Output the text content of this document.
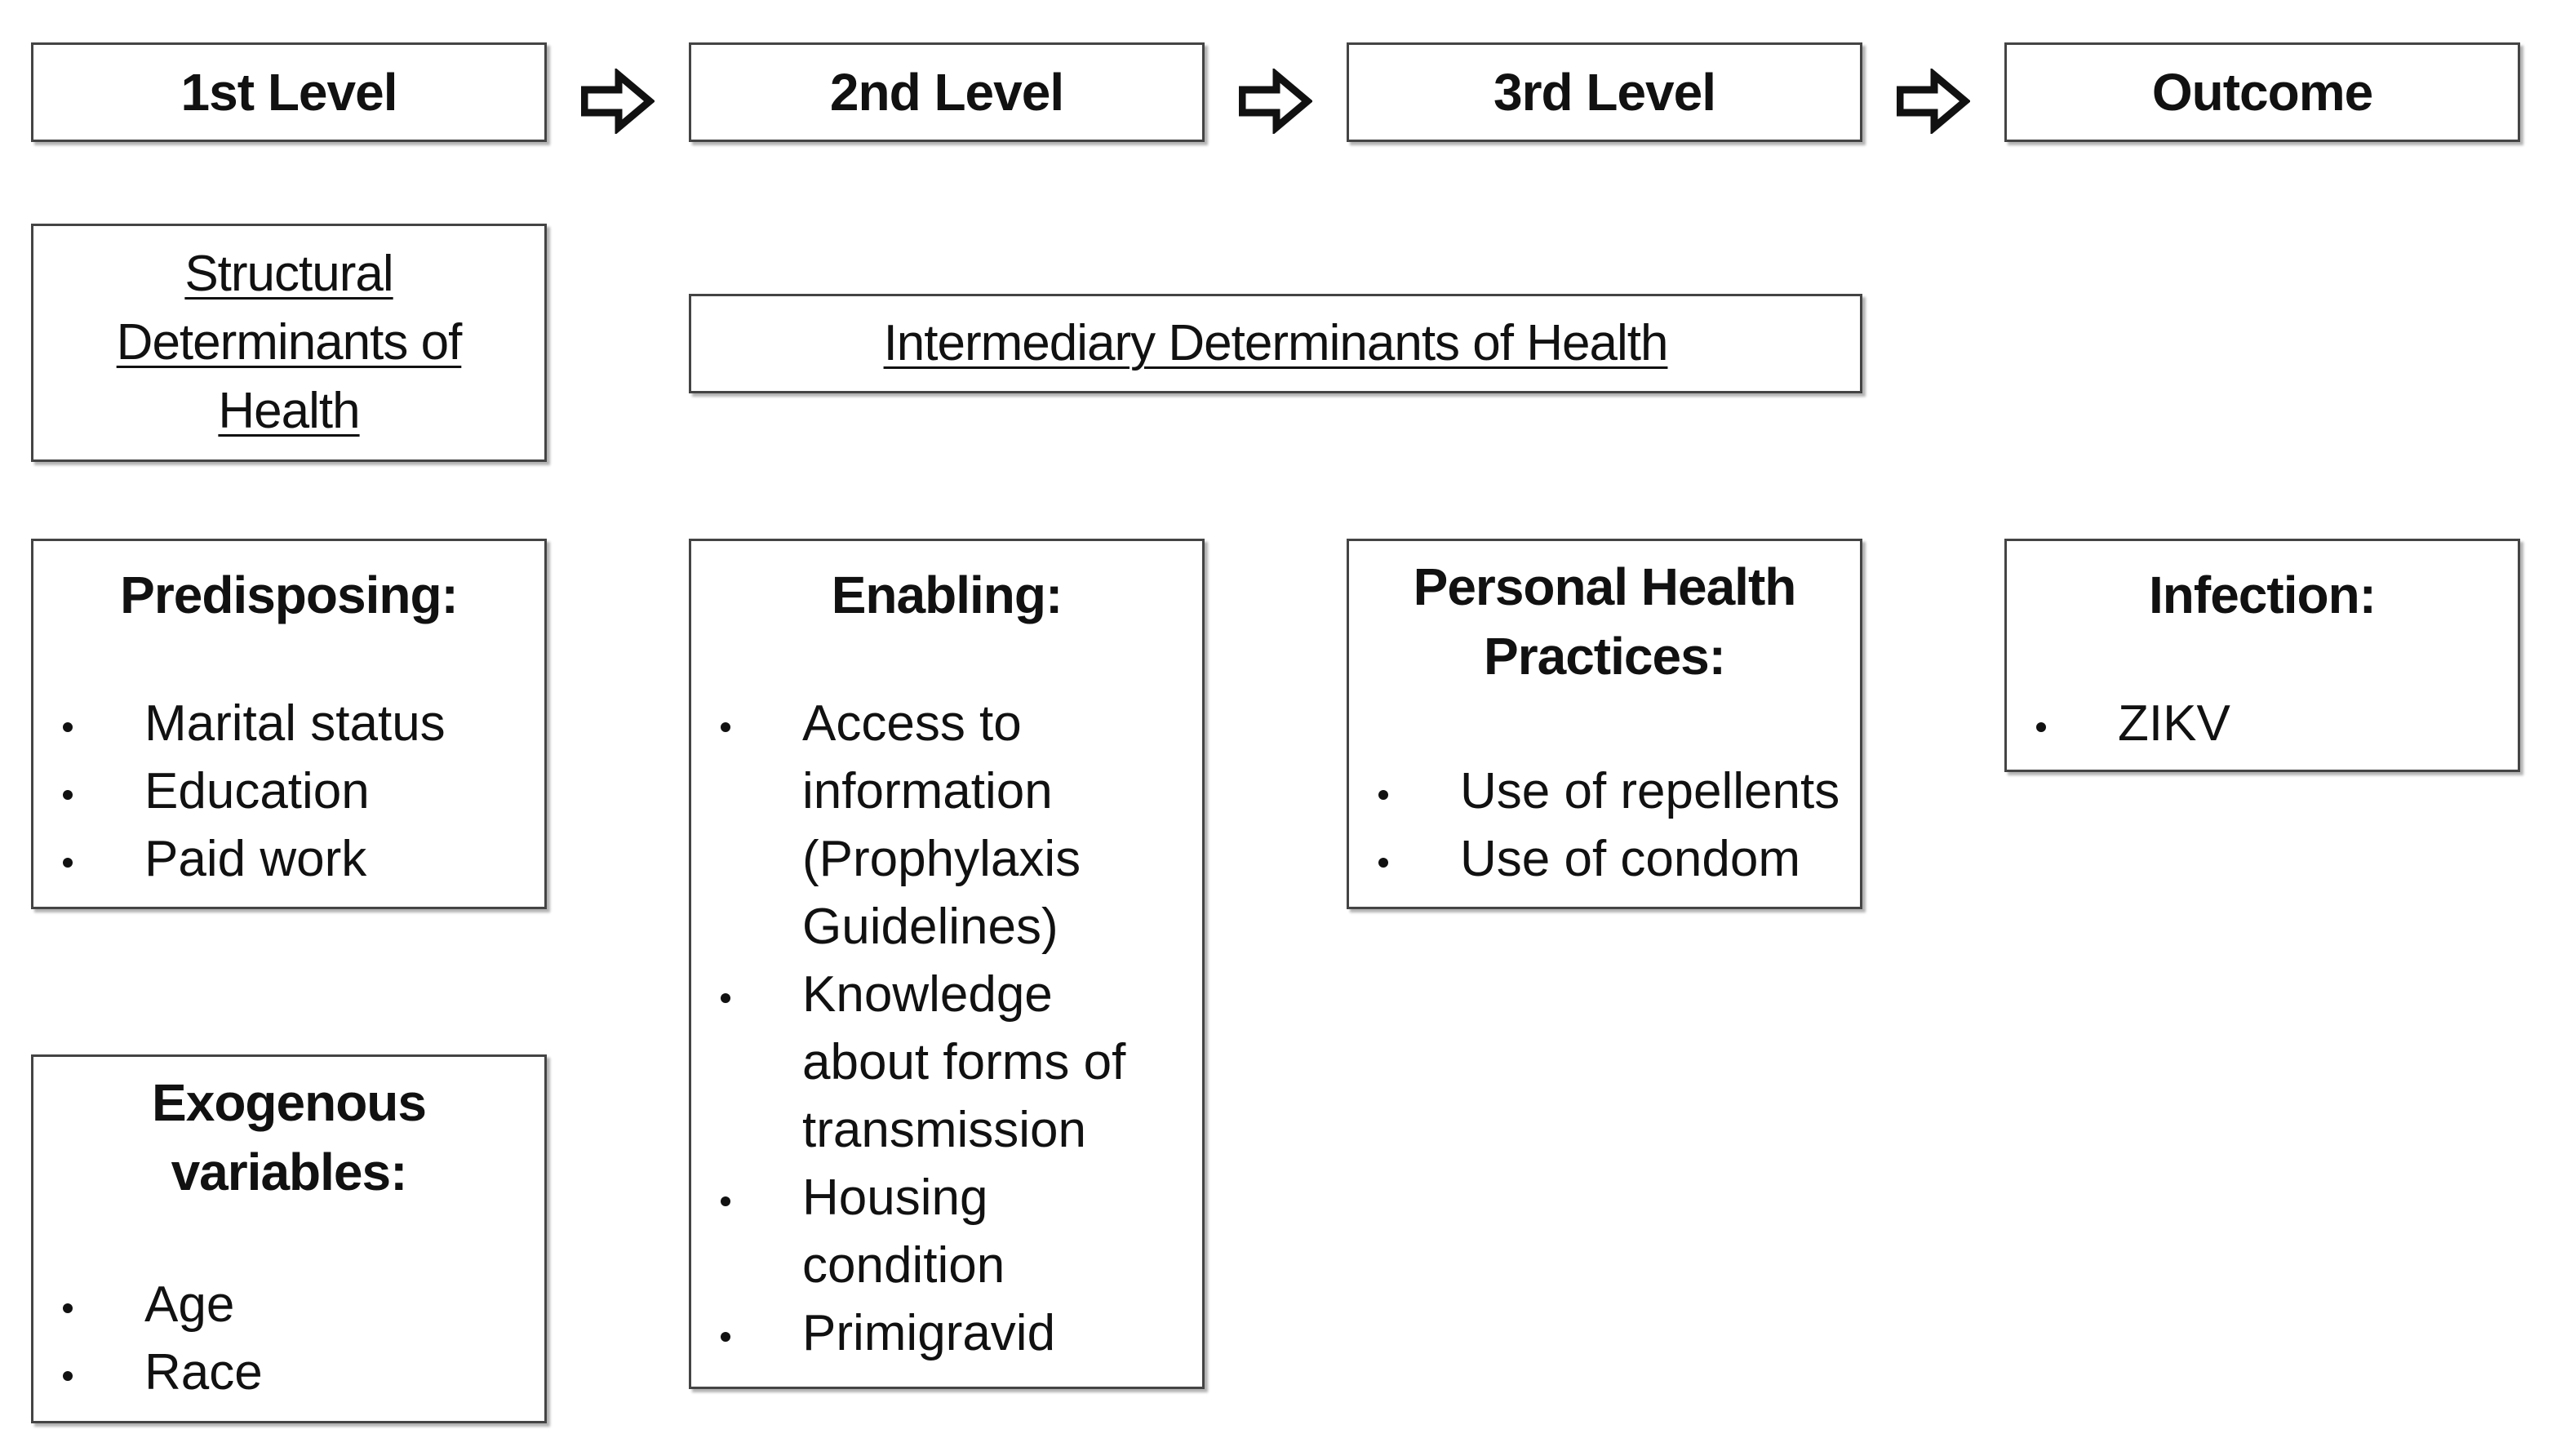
1st Level	2nd Level	3rd Level	Outcome
Structural
Determinants of
Health
Intermediary Determinants of Health
Predisposing:
Marital status
Education
Paid work
Exogenous
variables:
Age
Race
Enabling:
Access to
information
(Prophylaxis
Guidelines)
Knowledge
about forms of
transmission
Housing
condition
Primigravid
Personal Health
Practices:
Use of repellents
Use of condom
Infection:
ZIKV
